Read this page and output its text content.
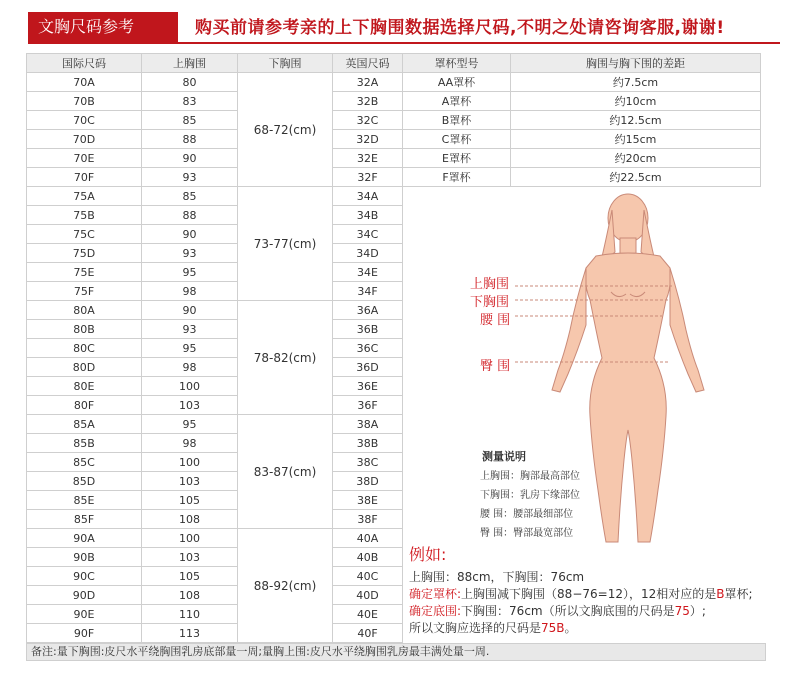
文胸尺码参考	购买前请参考亲的上下胸围数据选择尺码,不明之处请咨询客服,谢谢!
国际尺码	上胸围	下胸围	英国尺码	罩杯型号	胸围与胸下围的差距
70A	80	68-72(cm)	32A	AA罩杯	约7.5cm
70B	83		32B	A罩杯	约10cm
70C	85		32C	B罩杯	约12.5cm
70D	88		32D	C罩杯	约15cm
70E	90		32E	E罩杯	约20cm
70F	93		32F	F罩杯	约22.5cm
75A	85	73-77(cm)	34A		
75B	88		34B		
75C	90		34C		
75D	93		34D		
75E	95		34E		
75F	98		34F		
80A	90	78-82(cm)	36A		
80B	93		36B		
80C	95		36C		
80D	98		36D		
80E	100		36E		
80F	103		36F		
85A	95	83-87(cm)	38A		
85B	98		38B		
85C	100		38C		
85D	103		38D		
85E	105		38E		
85F	108		38F		
90A	100	88-92(cm)	40A		
90B	103		40B		
90C	105		40C		
90D	108		40D		
90E	110		40E		
90F	113		40F		
上胸围
下胸围
腰 围
臀 围
测量说明
上胸围：胸部最高部位
下胸围：乳房下缘部位
腰 围：腰部最细部位
臀 围：臀部最宽部位
例如:
上胸围：88cm，下胸围：76cm
确定罩杯:上胸围减下胸围（88−76=12），12相对应的是B罩杯;
确定底围:下胸围：76cm（所以文胸底围的尺码是75）;
所以文胸应选择的尺码是75B。
备注:量下胸围:皮尺水平绕胸围乳房底部量一周;量胸上围:皮尺水平绕胸围乳房最丰满处量一周.
